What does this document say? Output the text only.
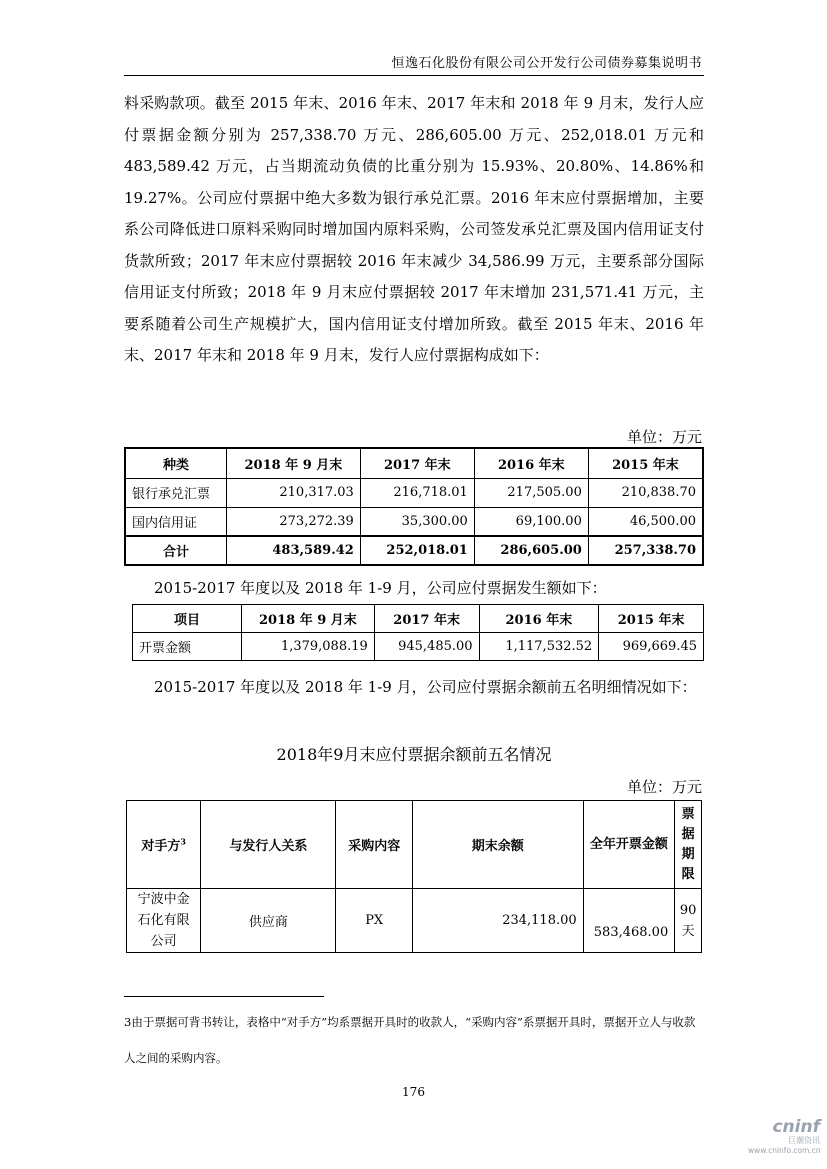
恒逸石化股份有限公司公开发行公司债券募集说明书

料采购款项。截至 2015 年末、2016 年末、2017 年末和 2018 年 9 月末，发行人应付票据金额分别为 257,338.70 万元、286,605.00 万元、252,018.01 万元和 483,589.42 万元，占当期流动负债的比重分别为 15.93%、20.80%、14.86%和 19.27%。公司应付票据中绝大多数为银行承兑汇票。2016 年末应付票据增加，主要系公司降低进口原料采购同时增加国内原料采购，公司签发承兑汇票及国内信用证支付货款所致；2017 年末应付票据较 2016 年末减少 34,586.99 万元，主要系部分国际信用证支付所致；2018 年 9 月末应付票据较 2017 年末增加 231,571.41 万元，主要系随着公司生产规模扩大，国内信用证支付增加所致。截至 2015 年末、2016 年末、2017 年末和 2018 年 9 月末，发行人应付票据构成如下：

单位：万元
种类	2018 年 9 月末	2017 年末	2016 年末	2015 年末
银行承兑汇票	210,317.03	216,718.01	217,505.00	210,838.70
国内信用证	273,272.39	35,300.00	69,100.00	46,500.00
合计	483,589.42	252,018.01	286,605.00	257,338.70

2015-2017 年度以及 2018 年 1-9 月，公司应付票据发生额如下：

项目	2018 年 9 月末	2017 年末	2016 年末	2015 年末
开票金额	1,379,088.19	945,485.00	1,117,532.52	969,669.45

2015-2017 年度以及 2018 年 1-9 月，公司应付票据余额前五名明细情况如下：

2018年9月末应付票据余额前五名情况
单位：万元
对手方$^3$	与发行人关系	采购内容	期末余额	全年开票金额	票据期限
宁波中金石化有限公司	供应商	PX	234,118.00	583,468.00	90天

3由于票据可背书转让，表格中“对手方”均系票据开具时的收款人，“采购内容”系票据开具时，票据开立人与收款人之间的采购内容。

176
cninf
巨潮资讯
www.cninfo.com.cn
